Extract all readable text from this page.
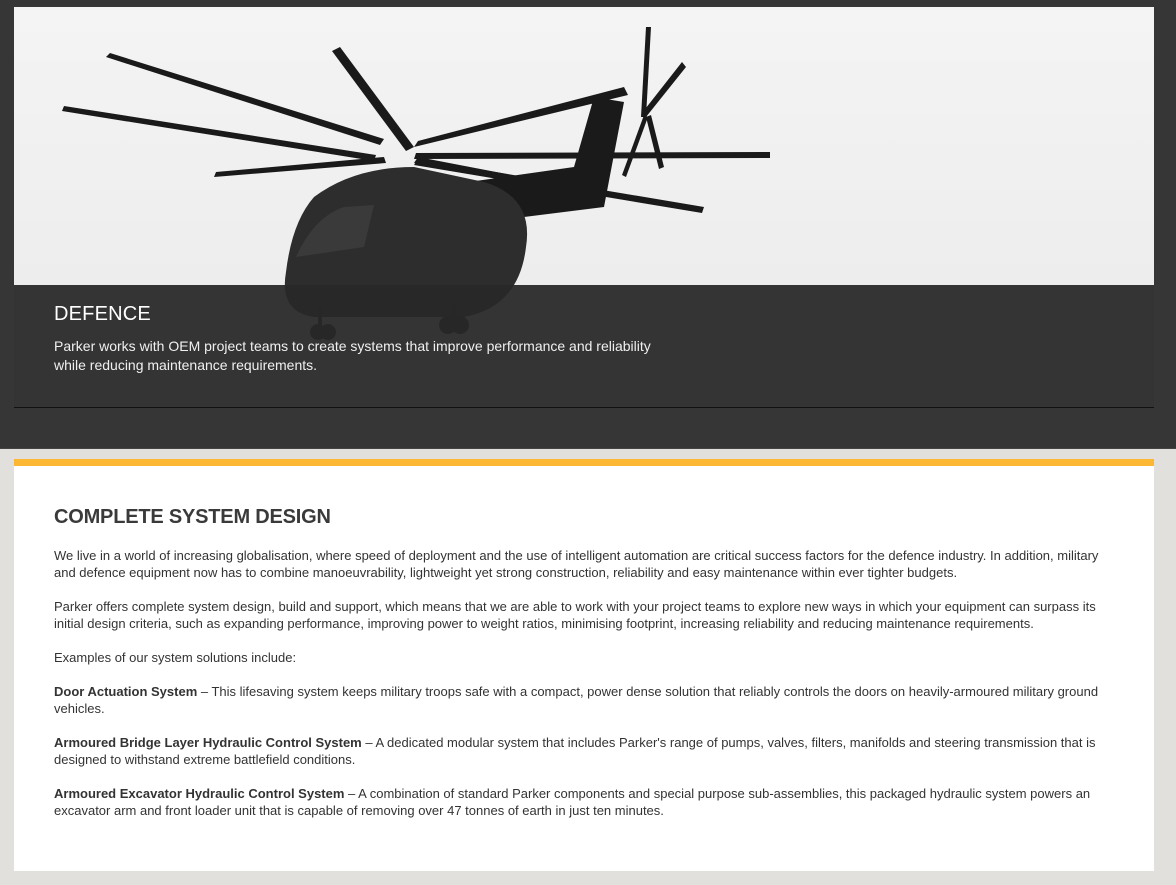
DEFENCE

Parker works with OEM project teams to create systems that improve performance and reliability while reducing maintenance requirements.

COMPLETE SYSTEM DESIGN

We live in a world of increasing globalisation, where speed of deployment and the use of intelligent automation are critical success factors for the defence industry. In addition, military and defence equipment now has to combine manoeuvrability, lightweight yet strong construction, reliability and easy maintenance within ever tighter budgets.

Parker offers complete system design, build and support, which means that we are able to work with your project teams to explore new ways in which your equipment can surpass its initial design criteria, such as expanding performance, improving power to weight ratios, minimising footprint, increasing reliability and reducing maintenance requirements.

Examples of our system solutions include:

Door Actuation System – This lifesaving system keeps military troops safe with a compact, power dense solution that reliably controls the doors on heavily-armoured military ground vehicles.

Armoured Bridge Layer Hydraulic Control System – A dedicated modular system that includes Parker's range of pumps, valves, filters, manifolds and steering transmission that is designed to withstand extreme battlefield conditions.

Armoured Excavator Hydraulic Control System – A combination of standard Parker components and special purpose sub-assemblies, this packaged hydraulic system powers an excavator arm and front loader unit that is capable of removing over 47 tonnes of earth in just ten minutes.
